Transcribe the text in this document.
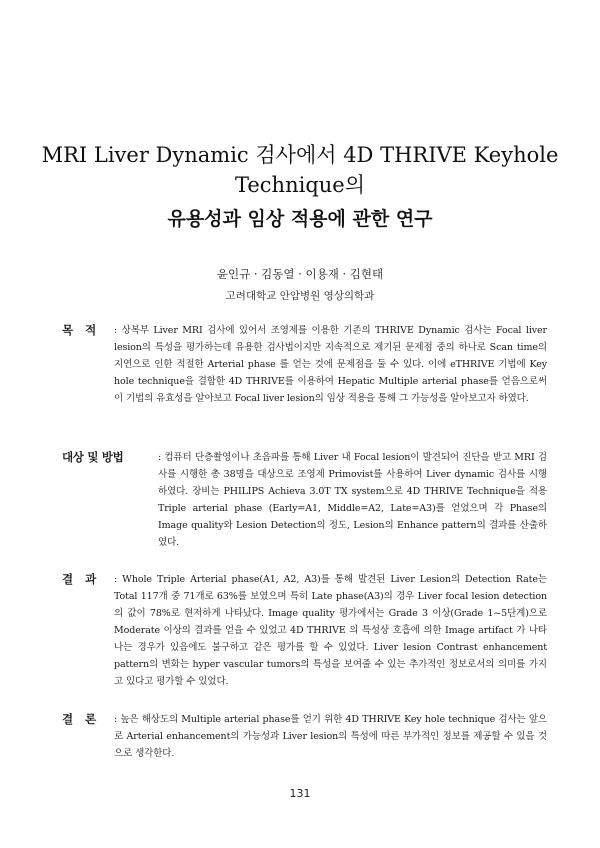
MRI Liver Dynamic 검사에서 4D THRIVE Keyhole
Technique의
유용성과 임상 적용에 관한 연구
윤인규 · 김동열 · 이용재 · 김현태
고려대학교 안암병원 영상의학과
목   적 : 상복부 Liver MRI 검사에 있어서 조영제를 이용한 기존의 THRIVE Dynamic 검사는 Focal liver lesion의 특성을 평가하는데 유용한 검사법이지만 지속적으로 제기된 문제점 중의 하나로 Scan time의 지연으로 인한 적절한 Arterial phase 를 얻는 것에 문제점을 둘 수 있다. 이에 eTHRIVE 기법에 Key hole technique을 결합한 4D THRIVE를 이용하여 Hepatic Multiple arterial phase를 얻음으로써 이 기법의 유효성을 알아보고 Focal liver lesion의 임상 적용을 통해 그 가능성을 알아보고자 하였다.
대상 및 방법	: 컴퓨터 단층촬영이나 초음파를 통해 Liver 내 Focal lesion이 발견되어 진단을 받고 MRI 검사를 시행한 총 38명을 대상으로 조영제 Primovist를 사용하여 Liver dynamic 검사를 시행하였다. 장비는 PHILIPS Achieva 3.0T TX system으로 4D THRIVE Technique을 적용 Triple arterial phase (Early=A1, Middle=A2, Late=A3)를 얻었으며 각 Phase의 Image quality와 Lesion Detection의 정도, Lesion의 Enhance pattern의 결과를 산출하였다.
결   과 : Whole Triple Arterial phase(A1, A2, A3)를 통해 발견된 Liver Lesion의 Detection Rate는 Total 117개 중 71개로 63%를 보였으며 특히 Late phase(A3)의 경우 Liver focal lesion detection의 값이 78%로 현저하게 나타났다. Image quality 평가에서는 Grade 3 이상(Grade 1~5단계)으로 Moderate 이상의 결과를 얻을 수 있었고 4D THRIVE 의 특성상 호흡에 의한 Image artifact 가 나타나는 경우가 있음에도 불구하고 같은 평가를 할 수 있었다. Liver lesion Contrast enhancement pattern의 변화는 hyper vascular tumors의 특성을 보여줄 수 있는 추가적인 정보로서의 의미를 가지고 있다고 평가할 수 있었다.
결   론 : 높은 해상도의 Multiple arterial phase를 얻기 위한 4D THRIVE Key hole technique 검사는 앞으로 Arterial enhancement의 가능성과 Liver lesion의 특성에 따른 부가적인 정보를 제공할 수 있을 것으로 생각한다.
131
